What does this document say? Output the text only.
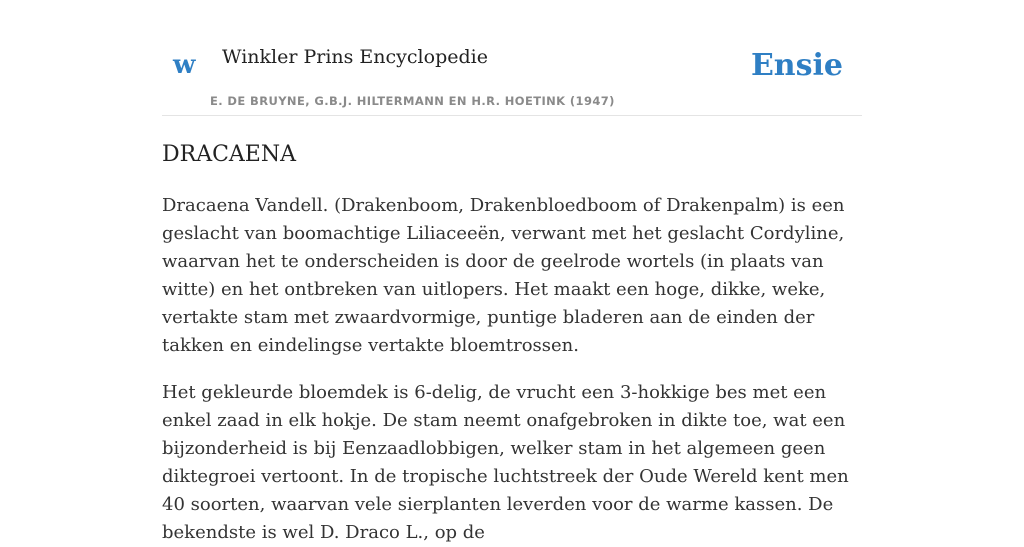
w Winkler Prins Encyclopedie
E. DE BRUYNE, G.B.J. HILTERMANN EN H.R. HOETINK (1947)
Ensie
DRACAENA

Dracaena Vandell. (Drakenboom, Drakenbloedboom of Drakenpalm) is een geslacht van boomachtige Liliaceeën, verwant met het geslacht Cordyline, waarvan het te onderscheiden is door de geelrode wortels (in plaats van witte) en het ontbreken van uitlopers. Het maakt een hoge, dikke, weke, vertakte stam met zwaardvormige, puntige bladeren aan de einden der takken en eindelingse vertakte bloemtrossen.

Het gekleurde bloemdek is 6-delig, de vrucht een 3-hokkige bes met een enkel zaad in elk hokje. De stam neemt onafgebroken in dikte toe, wat een bijzonderheid is bij Eenzaadlobbigen, welker stam in het algemeen geen diktegroei vertoont. In de tropische luchtstreek der Oude Wereld kent men 40 soorten, waarvan vele sierplanten leverden voor de warme kassen. De bekendste is wel D. Draco L., op de
